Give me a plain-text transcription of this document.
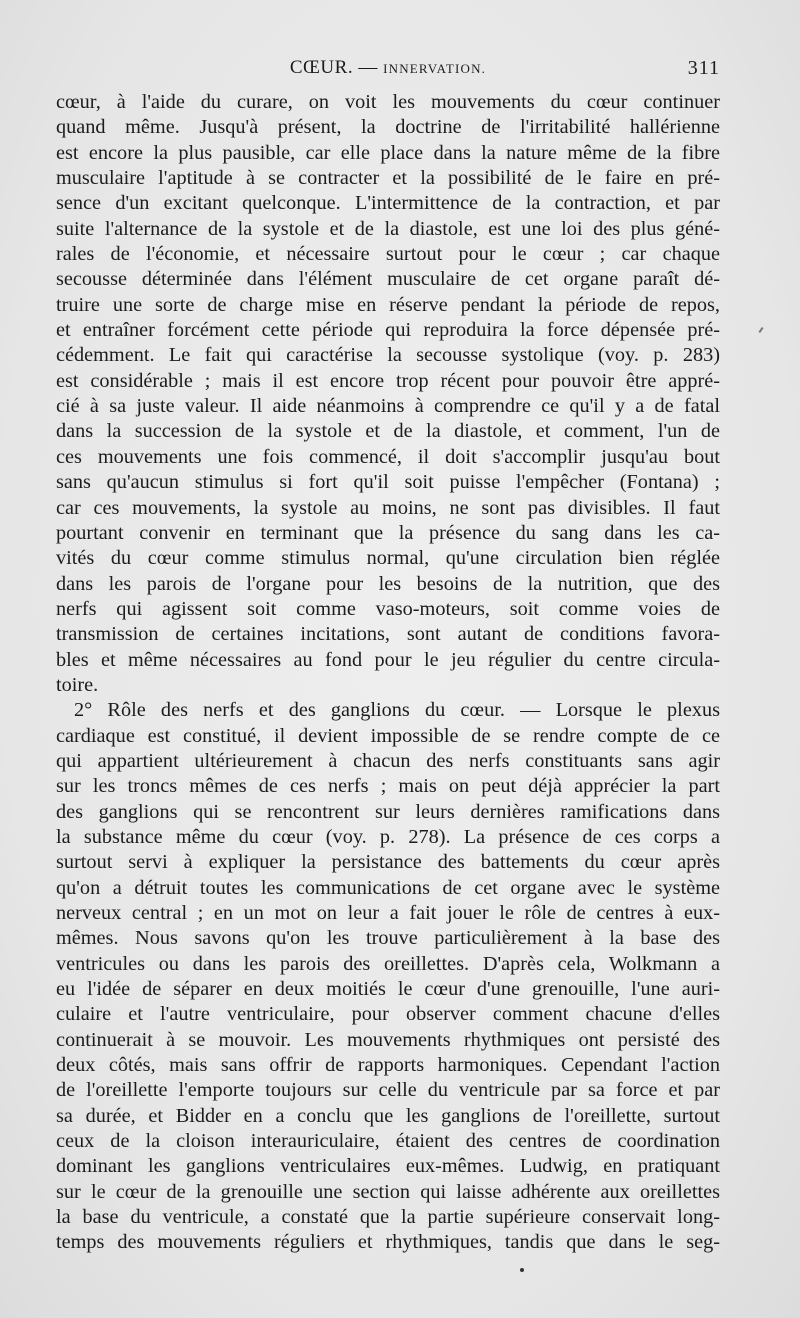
CŒUR. — INNERVATION.	311
cœur, à l'aide du curare, on voit les mouvements du cœur continuer
quand même. Jusqu'à présent, la doctrine de l'irritabilité hallérienne
est encore la plus pausible, car elle place dans la nature même de la fibre
musculaire l'aptitude à se contracter et la possibilité de le faire en pré-
sence d'un excitant quelconque. L'intermittence de la contraction, et par
suite l'alternance de la systole et de la diastole, est une loi des plus géné-
rales de l'économie, et nécessaire surtout pour le cœur ; car chaque
secousse déterminée dans l'élément musculaire de cet organe paraît dé-
truire une sorte de charge mise en réserve pendant la période de repos,
et entraîner forcément cette période qui reproduira la force dépensée pré-
cédemment. Le fait qui caractérise la secousse systolique (voy. p. 283)
est considérable ; mais il est encore trop récent pour pouvoir être appré-
cié à sa juste valeur. Il aide néanmoins à comprendre ce qu'il y a de fatal
dans la succession de la systole et de la diastole, et comment, l'un de
ces mouvements une fois commencé, il doit s'accomplir jusqu'au bout
sans qu'aucun stimulus si fort qu'il soit puisse l'empêcher (Fontana) ;
car ces mouvements, la systole au moins, ne sont pas divisibles. Il faut
pourtant convenir en terminant que la présence du sang dans les ca-
vités du cœur comme stimulus normal, qu'une circulation bien réglée
dans les parois de l'organe pour les besoins de la nutrition, que des
nerfs qui agissent soit comme vaso-moteurs, soit comme voies de
transmission de certaines incitations, sont autant de conditions favora-
bles et même nécessaires au fond pour le jeu régulier du centre circula-
toire.
2° Rôle des nerfs et des ganglions du cœur. — Lorsque le plexus
cardiaque est constitué, il devient impossible de se rendre compte de ce
qui appartient ultérieurement à chacun des nerfs constituants sans agir
sur les troncs mêmes de ces nerfs ; mais on peut déjà apprécier la part
des ganglions qui se rencontrent sur leurs dernières ramifications dans
la substance même du cœur (voy. p. 278). La présence de ces corps a
surtout servi à expliquer la persistance des battements du cœur après
qu'on a détruit toutes les communications de cet organe avec le système
nerveux central ; en un mot on leur a fait jouer le rôle de centres à eux-
mêmes. Nous savons qu'on les trouve particulièrement à la base des
ventricules ou dans les parois des oreillettes. D'après cela, Wolkmann a
eu l'idée de séparer en deux moitiés le cœur d'une grenouille, l'une auri-
culaire et l'autre ventriculaire, pour observer comment chacune d'elles
continuerait à se mouvoir. Les mouvements rhythmiques ont persisté des
deux côtés, mais sans offrir de rapports harmoniques. Cependant l'action
de l'oreillette l'emporte toujours sur celle du ventricule par sa force et par
sa durée, et Bidder en a conclu que les ganglions de l'oreillette, surtout
ceux de la cloison interauriculaire, étaient des centres de coordination
dominant les ganglions ventriculaires eux-mêmes. Ludwig, en pratiquant
sur le cœur de la grenouille une section qui laisse adhérente aux oreillettes
la base du ventricule, a constaté que la partie supérieure conservait long-
temps des mouvements réguliers et rhythmiques, tandis que dans le seg-
